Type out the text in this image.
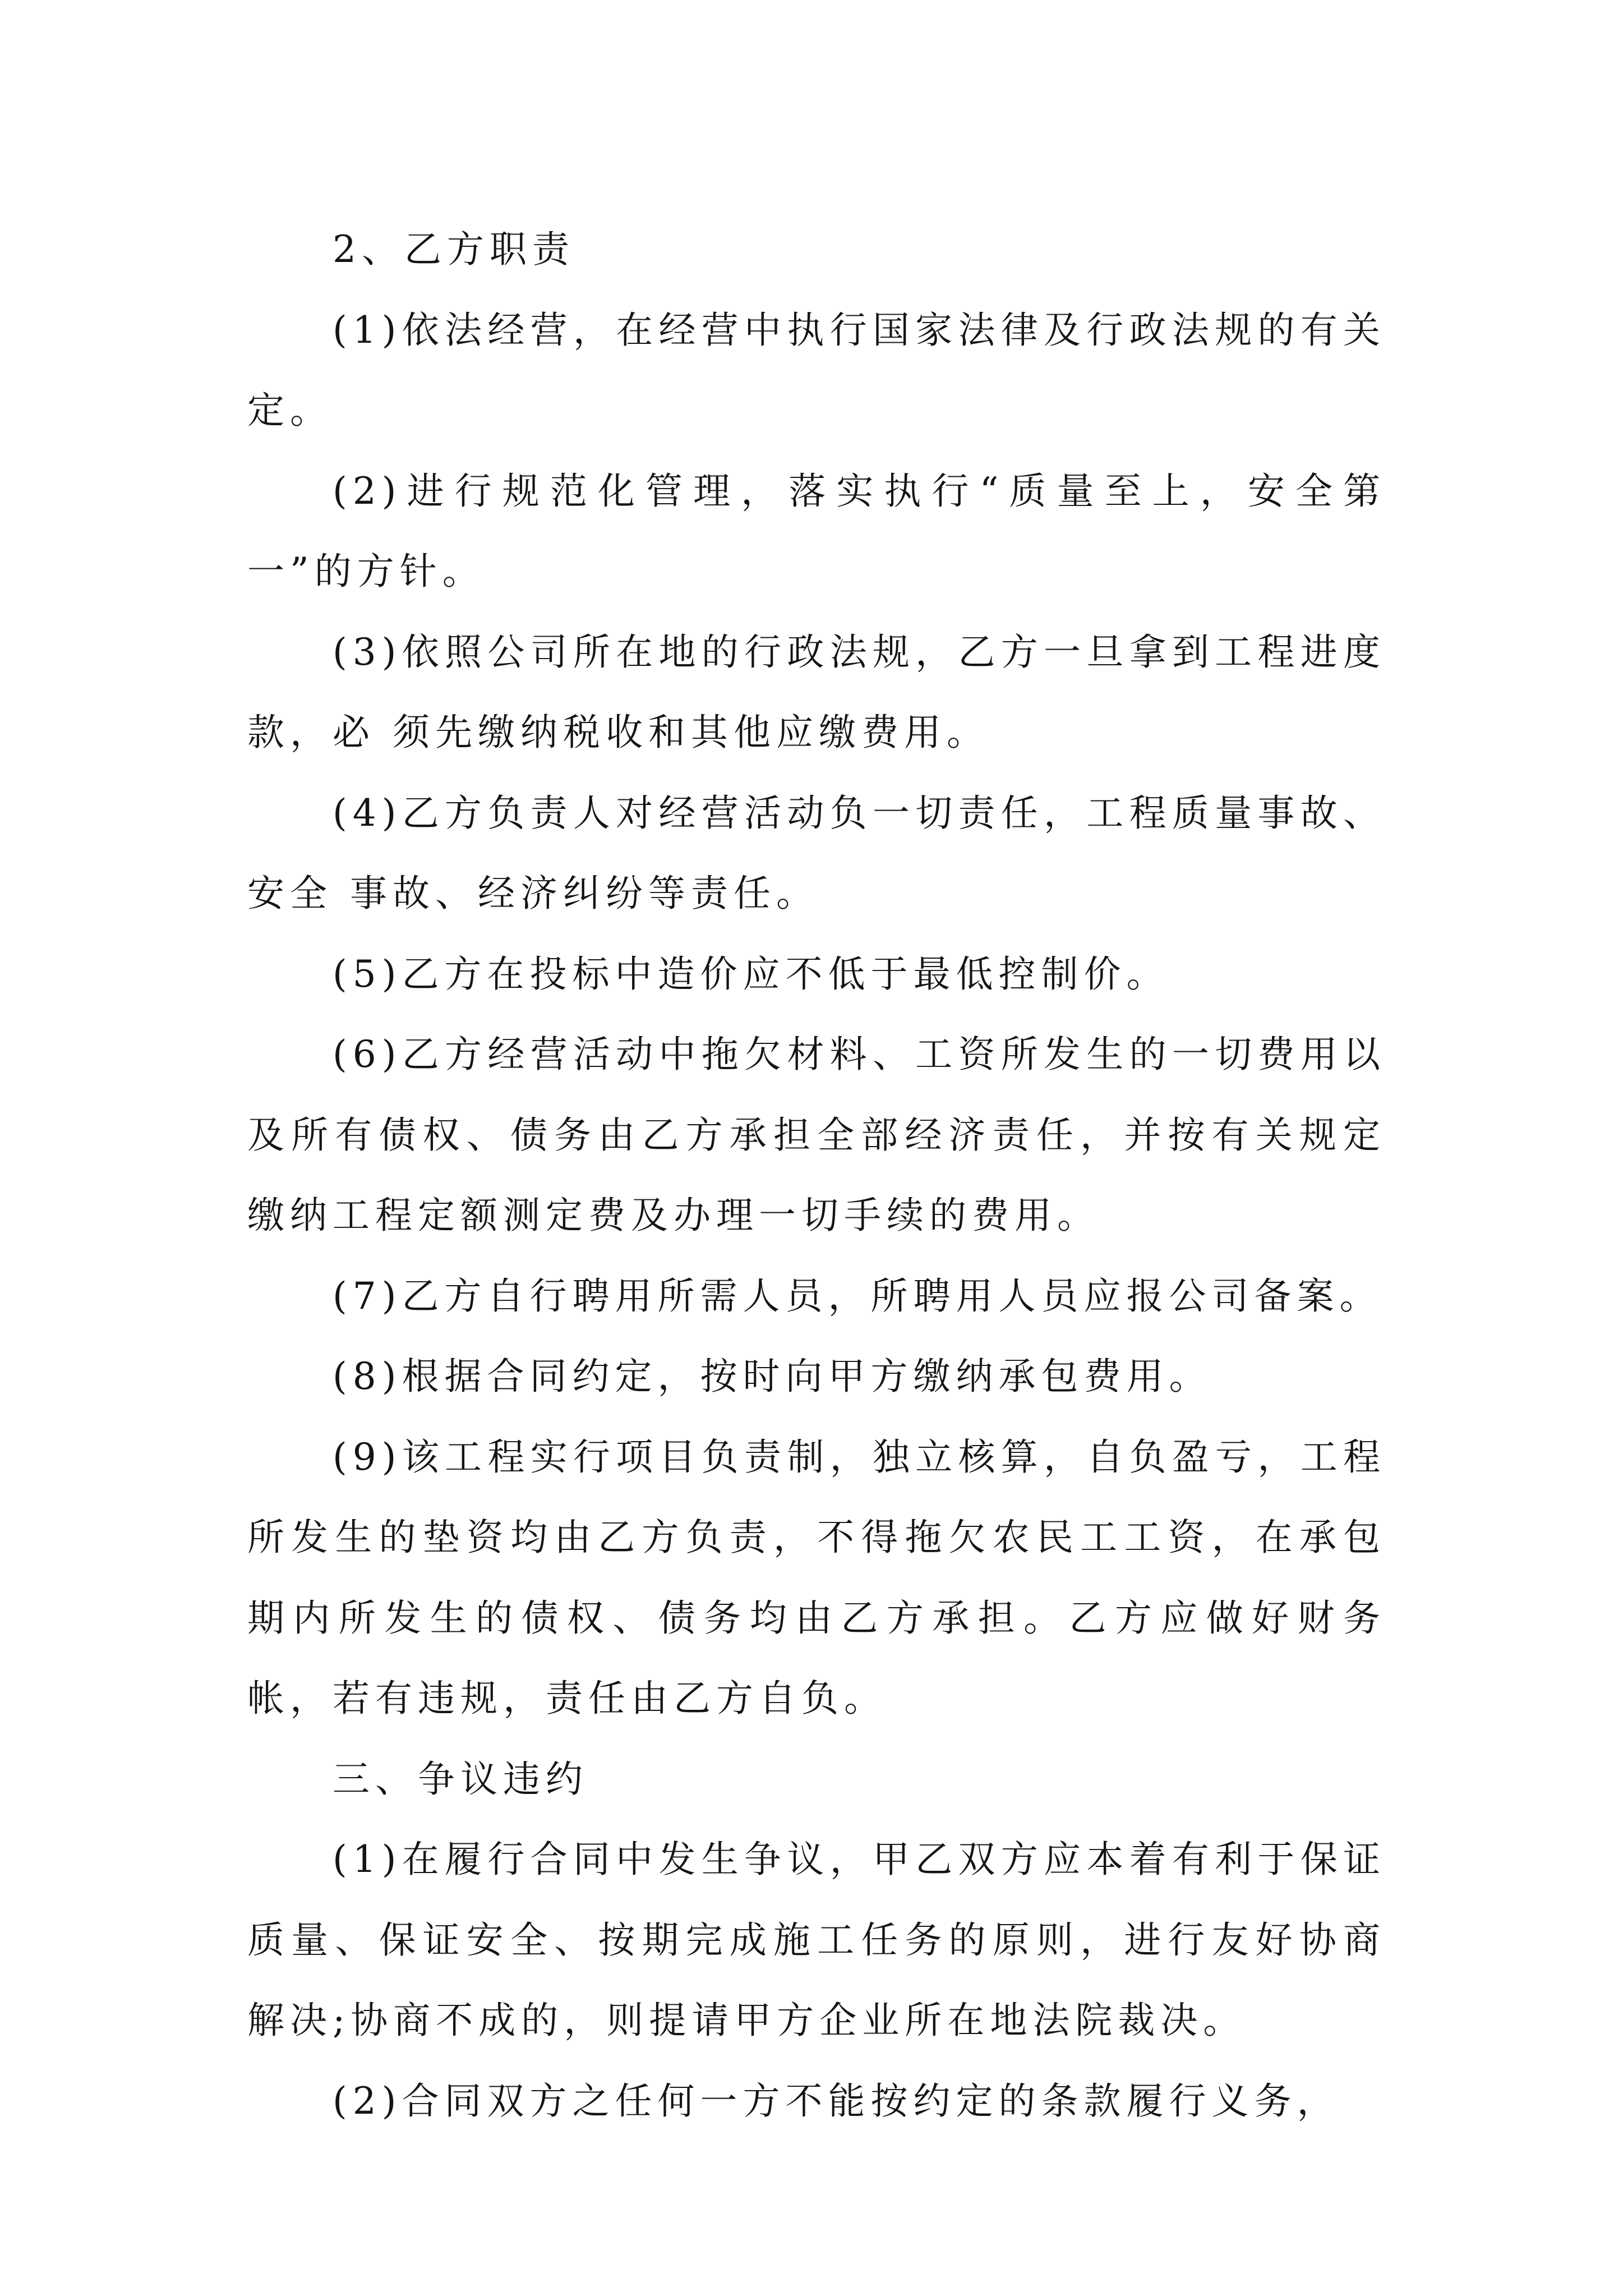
2、乙方职责

(1)依法经营，在经营中执行国家法律及行政法规的有关定。

(2)进行规范化管理，落实执行“质量至上，安全第一”的方针。

(3)依照公司所在地的行政法规，乙方一旦拿到工程进度款，必 须先缴纳税收和其他应缴费用。

(4)乙方负责人对经营活动负一切责任，工程质量事故、安全 事故、经济纠纷等责任。

(5)乙方在投标中造价应不低于最低控制价。

(6)乙方经营活动中拖欠材料、工资所发生的一切费用以及所有债权、债务由乙方承担全部经济责任，并按有关规定缴纳工程定额测定费及办理一切手续的费用。

(7)乙方自行聘用所需人员，所聘用人员应报公司备案。

(8)根据合同约定，按时向甲方缴纳承包费用。

(9)该工程实行项目负责制，独立核算，自负盈亏，工程所发生的垫资均由乙方负责，不得拖欠农民工工资，在承包期内所发生的债权、债务均由乙方承担。乙方应做好财务帐，若有违规，责任由乙方自负。

三、争议违约

(1)在履行合同中发生争议，甲乙双方应本着有利于保证质量、保证安全、按期完成施工任务的原则，进行友好协商解决;协商不成的，则提请甲方企业所在地法院裁决。

(2)合同双方之任何一方不能按约定的条款履行义务，
